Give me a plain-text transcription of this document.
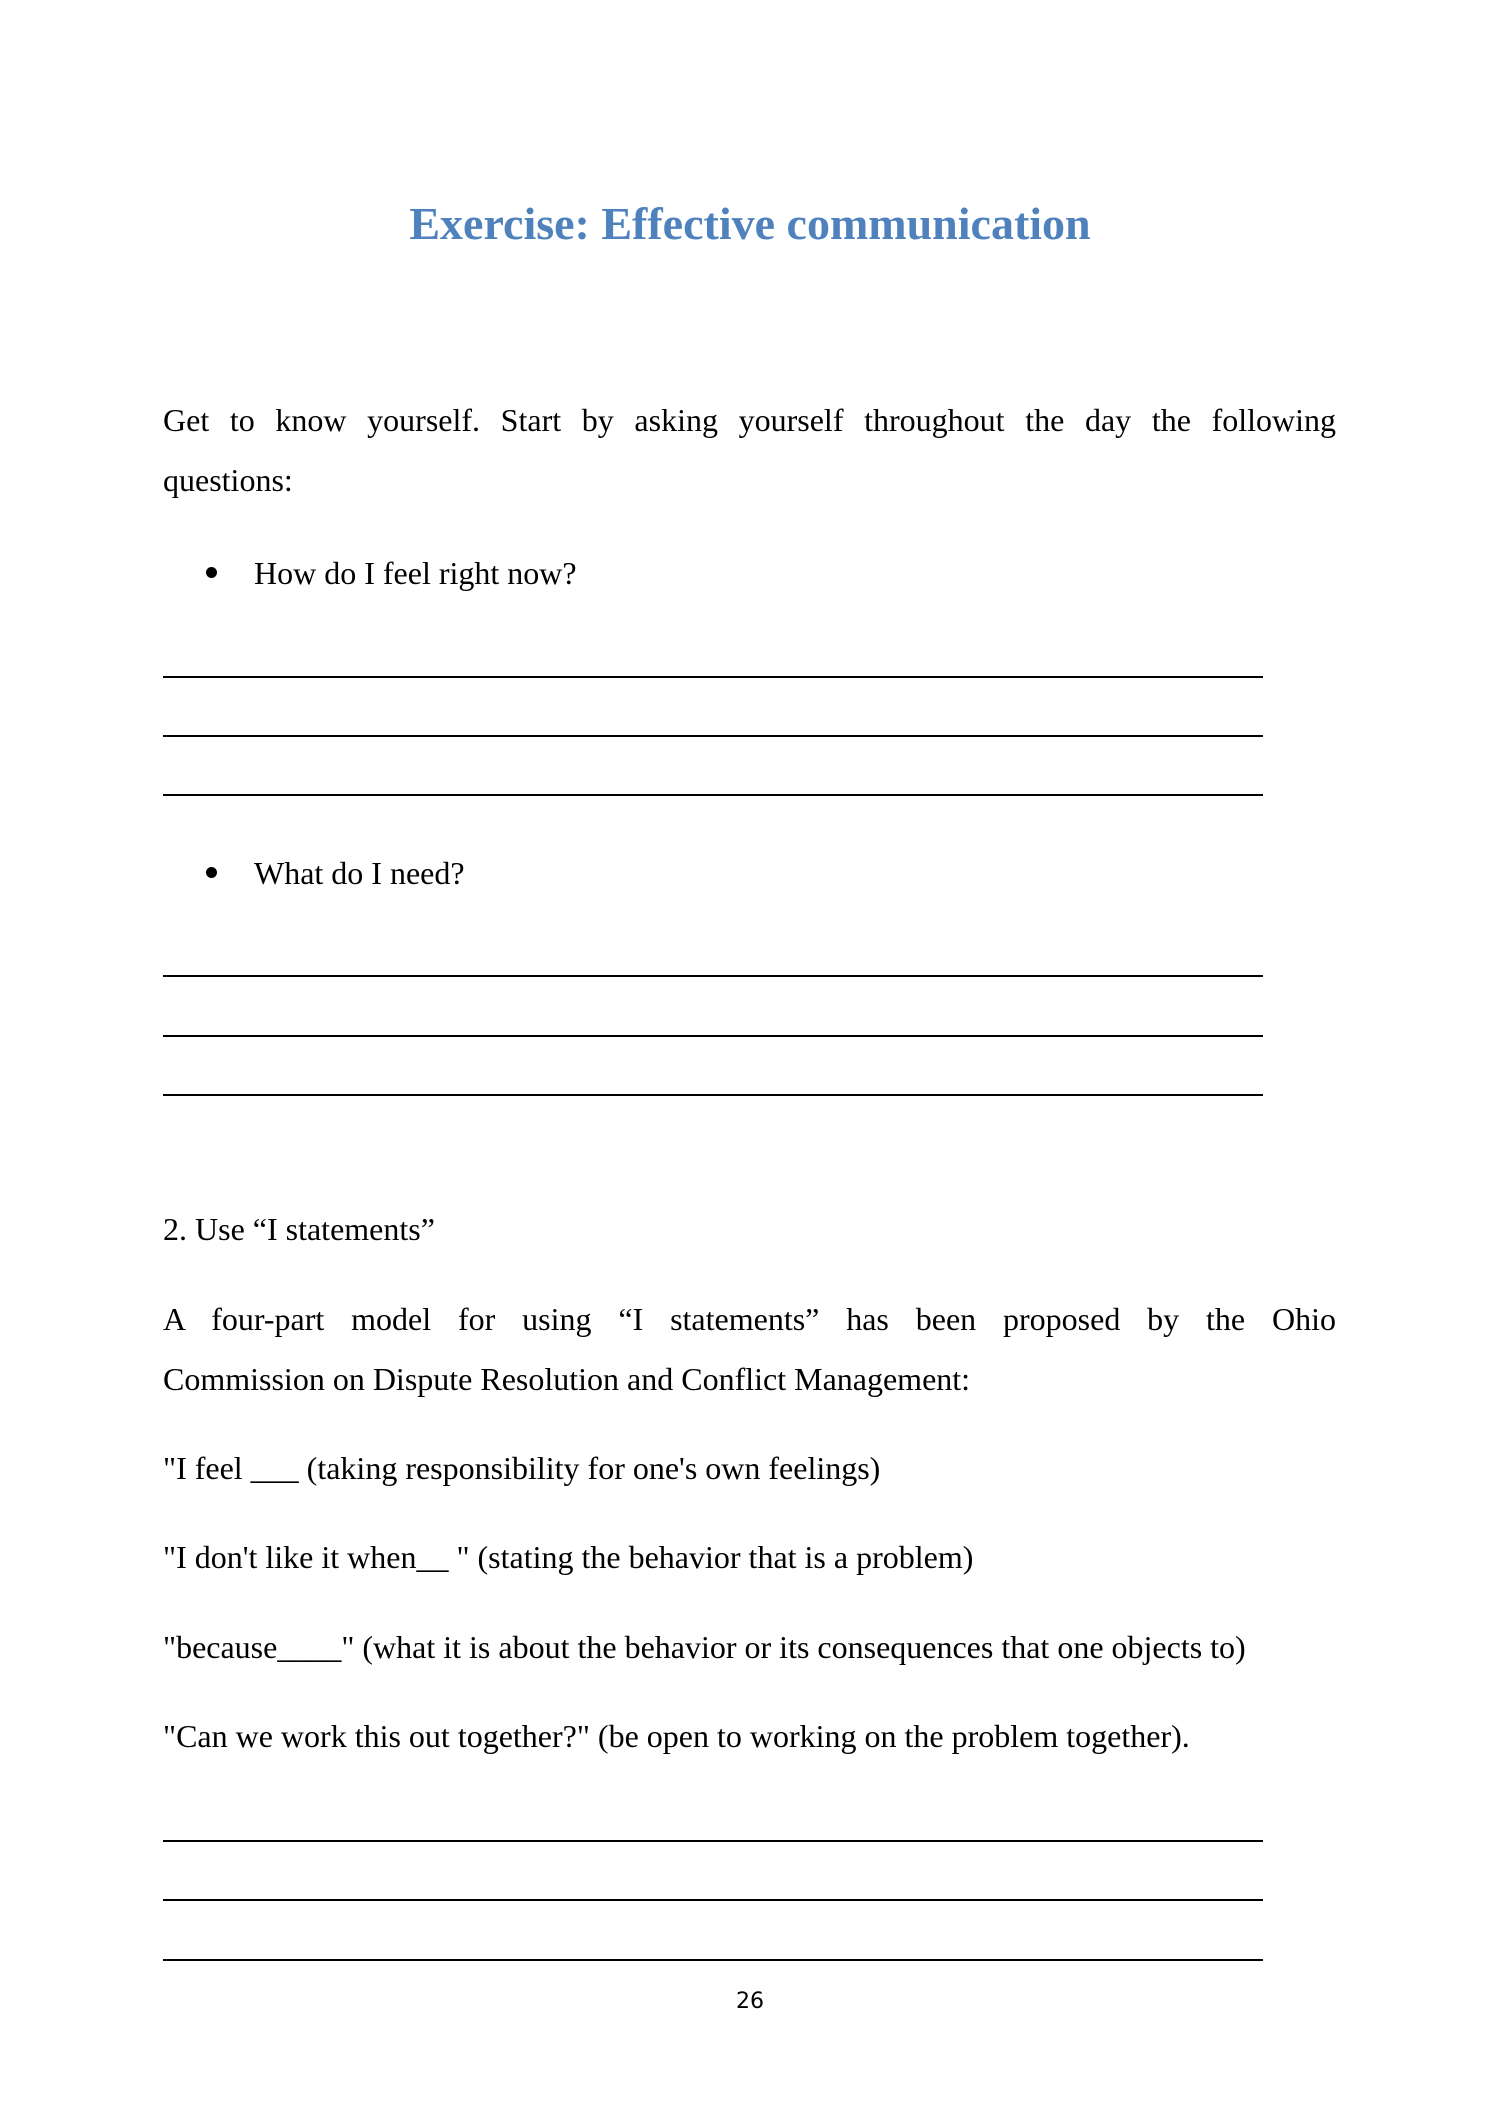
Exercise: Effective communication
Get to know yourself. Start by asking yourself throughout the day the following
questions:
How do I feel right now?
What do I need?
2. Use “I statements”
A four-part model for using “I statements” has been proposed by the Ohio
Commission on Dispute Resolution and Conflict Management:
"I feel ___ (taking responsibility for one's own feelings)
"I don't like it when__ " (stating the behavior that is a problem)
"because____" (what it is about the behavior or its consequences that one objects to)
"Can we work this out together?" (be open to working on the problem together).
26
